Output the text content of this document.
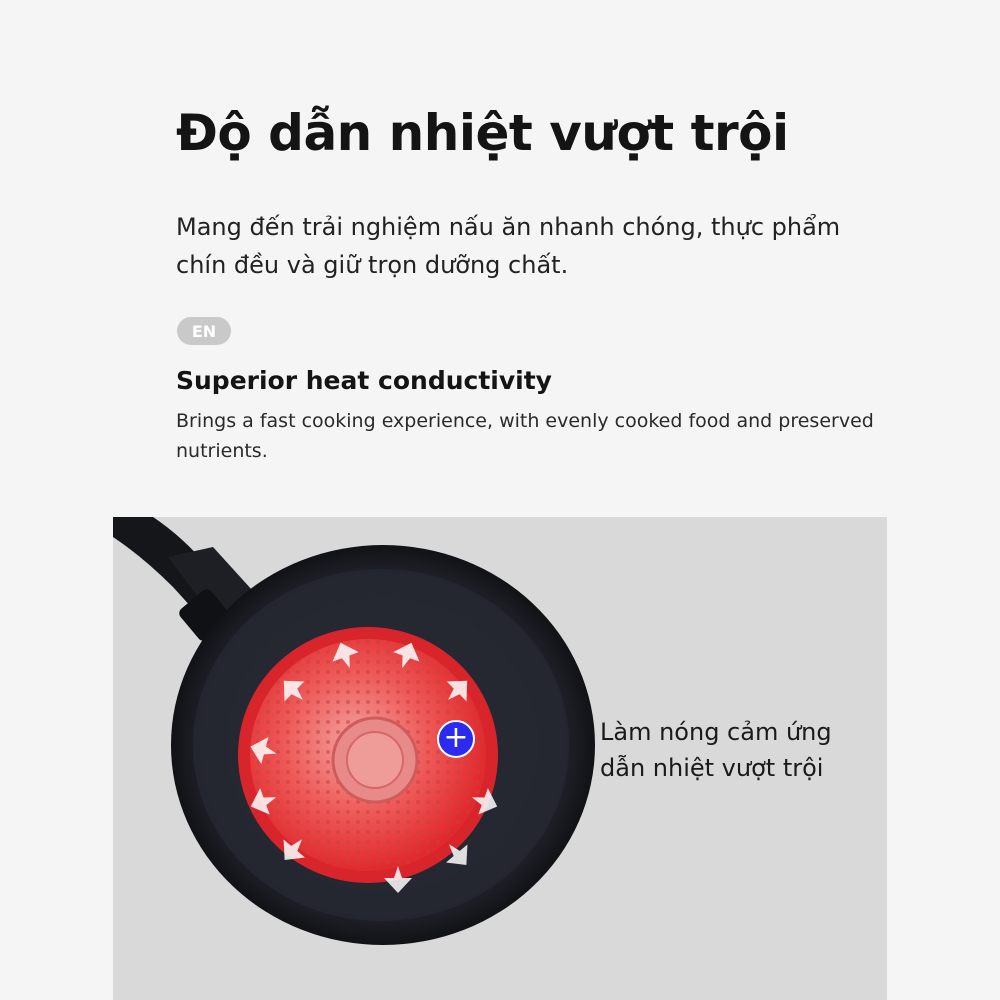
Độ dẫn nhiệt vượt trội
Mang đến trải nghiệm nấu ăn nhanh chóng, thực phẩm chín đều và giữ trọn dưỡng chất.
EN
Superior heat conductivity
Brings a fast cooking experience, with evenly cooked food and preserved nutrients.
+	Làm nóng cảm ứng
dẫn nhiệt vượt trội
